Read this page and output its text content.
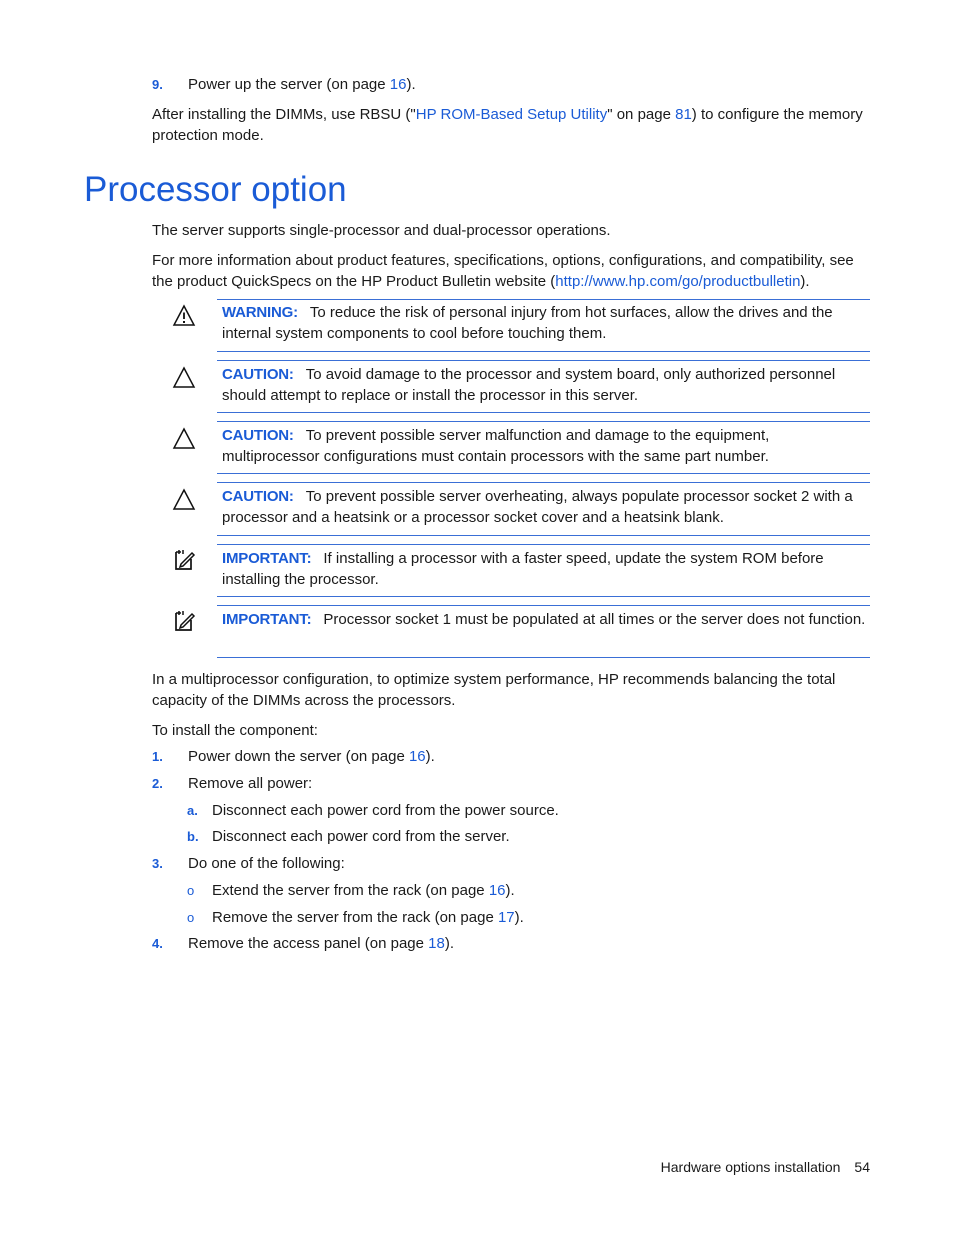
9. Power up the server (on page 16).
After installing the DIMMs, use RBSU ("HP ROM-Based Setup Utility" on page 81) to configure the memory protection mode.
Processor option
The server supports single-processor and dual-processor operations.
For more information about product features, specifications, options, configurations, and compatibility, see the product QuickSpecs on the HP Product Bulletin website (http://www.hp.com/go/productbulletin).
WARNING: To reduce the risk of personal injury from hot surfaces, allow the drives and the internal system components to cool before touching them.
CAUTION: To avoid damage to the processor and system board, only authorized personnel should attempt to replace or install the processor in this server.
CAUTION: To prevent possible server malfunction and damage to the equipment, multiprocessor configurations must contain processors with the same part number.
CAUTION: To prevent possible server overheating, always populate processor socket 2 with a processor and a heatsink or a processor socket cover and a heatsink blank.
IMPORTANT: If installing a processor with a faster speed, update the system ROM before installing the processor.
IMPORTANT: Processor socket 1 must be populated at all times or the server does not function.
In a multiprocessor configuration, to optimize system performance, HP recommends balancing the total capacity of the DIMMs across the processors.
To install the component:
1. Power down the server (on page 16).
2. Remove all power:
a. Disconnect each power cord from the power source.
b. Disconnect each power cord from the server.
3. Do one of the following:
o Extend the server from the rack (on page 16).
o Remove the server from the rack (on page 17).
4. Remove the access panel (on page 18).
Hardware options installation 54
